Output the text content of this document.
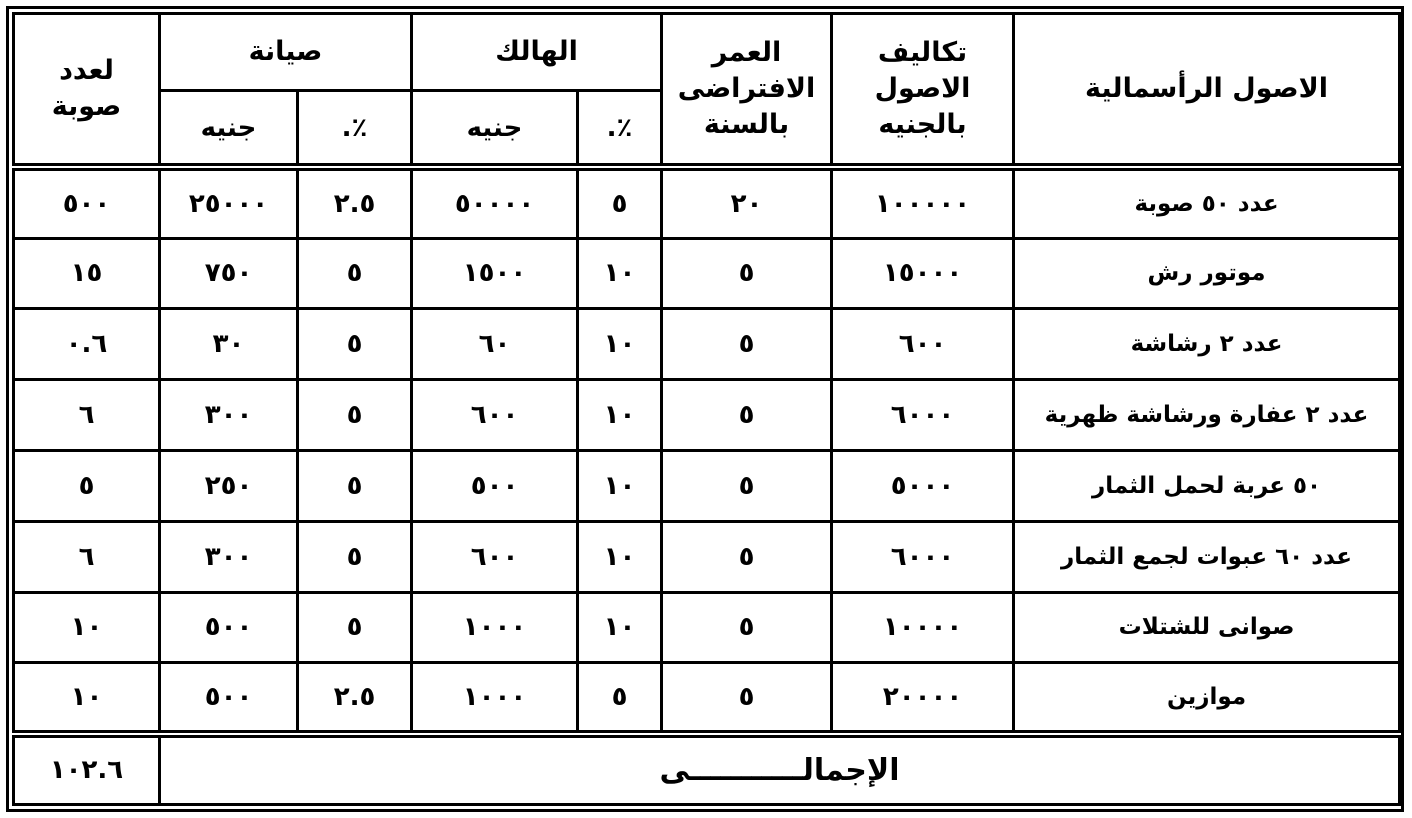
الاصول الرأسمالية	تكاليف الاصول بالجنيه	العمر الافتراضى بالسنة	الهالك		صيانة		لعدد صوبة
			٪.	جنيه	٪.	جنيه	
عدد ٥٠ صوبة	١٠٠٠٠٠	٢٠	٥	٥٠٠٠٠	٢.٥	٢٥٠٠٠	٥٠٠
موتور رش	١٥٠٠٠	٥	١٠	١٥٠٠	٥	٧٥٠	١٥
عدد ٢ رشاشة	٦٠٠	٥	١٠	٦٠	٥	٣٠	٠.٦
عدد ٢ عفارة ورشاشة ظهرية	٦٠٠٠	٥	١٠	٦٠٠	٥	٣٠٠	٦
٥٠ عربة لحمل الثمار	٥٠٠٠	٥	١٠	٥٠٠	٥	٢٥٠	٥
عدد ٦٠ عبوات لجمع الثمار	٦٠٠٠	٥	١٠	٦٠٠	٥	٣٠٠	٦
صوانى للشتلات	١٠٠٠٠	٥	١٠	١٠٠٠	٥	٥٠٠	١٠
موازين	٢٠٠٠٠	٥	٥	١٠٠٠	٢.٥	٥٠٠	١٠
الإجمالـــــــــــى							١٠٢.٦
